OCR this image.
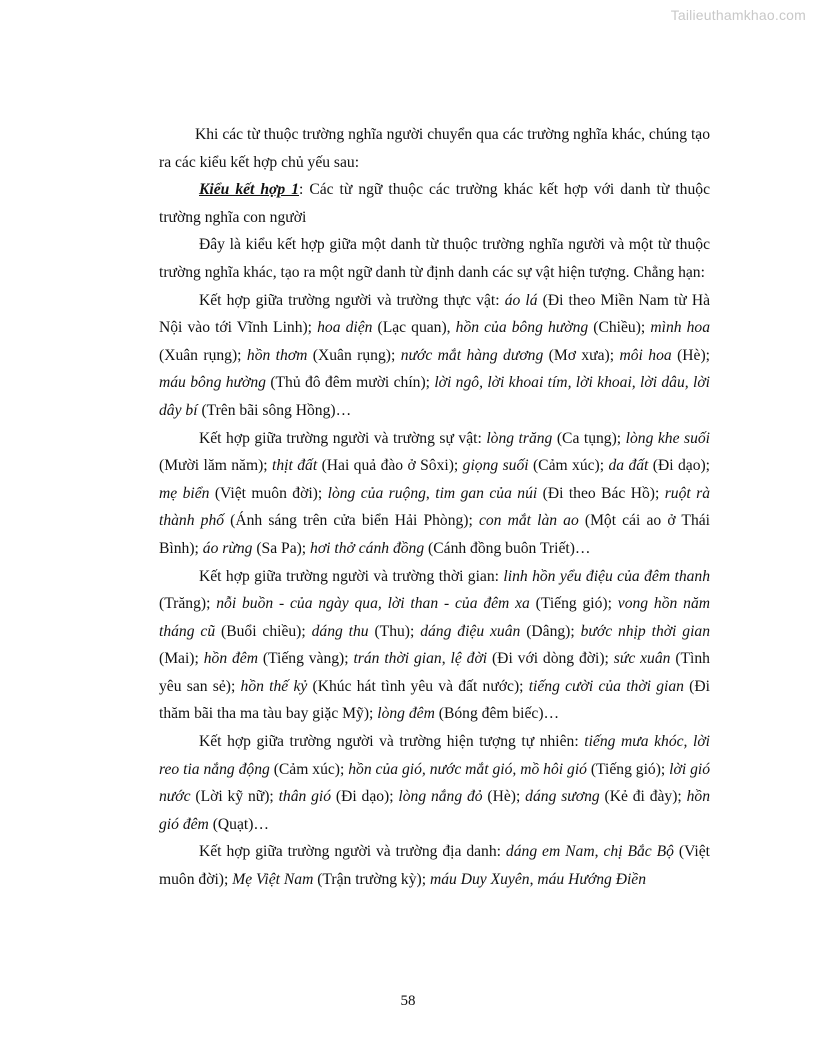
Tailieuthamkhao.com

Khi các từ thuộc trường nghĩa người chuyển qua các trường nghĩa khác, chúng tạo ra các kiểu kết hợp chủ yếu sau:

Kiểu kết hợp 1: Các từ ngữ thuộc các trường khác kết hợp với danh từ thuộc trường nghĩa con người

Đây là kiểu kết hợp giữa một danh từ thuộc trường nghĩa người và một từ thuộc trường nghĩa khác, tạo ra một ngữ danh từ định danh các sự vật hiện tượng. Chẳng hạn:

Kết hợp giữa trường người và trường thực vật: áo lá (Đi theo Miền Nam từ Hà Nội vào tới Vĩnh Linh); hoa diện (Lạc quan), hồn của bông hường (Chiều); mình hoa (Xuân rụng); hồn thơm (Xuân rụng); nước mắt hàng dương (Mơ xưa); môi hoa (Hè); máu bông hường (Thủ đô đêm mười chín); lời ngô, lời khoai tím, lời khoai, lời dâu, lời dây bí (Trên bãi sông Hồng)…

Kết hợp giữa trường người và trường sự vật: lòng trăng (Ca tụng); lòng khe suối (Mười lăm năm); thịt đất (Hai quả đào ở Sôxi); giọng suối (Cảm xúc); da đất (Đi dạo); mẹ biển (Việt muôn đời); lòng của ruộng, tim gan của núi (Đi theo Bác Hồ); ruột rà thành phố (Ánh sáng trên cửa biển Hải Phòng); con mắt làn ao (Một cái ao ở Thái Bình); áo rừng (Sa Pa); hơi thở cánh đồng (Cánh đồng buôn Triết)…

Kết hợp giữa trường người và trường thời gian: linh hồn yểu điệu của đêm thanh (Trăng); nỗi buồn - của ngày qua, lời than - của đêm xa (Tiếng gió); vong hồn năm tháng cũ (Buổi chiều); dáng thu (Thu); dáng điệu xuân (Dâng); bước nhịp thời gian (Mai); hồn đêm (Tiếng vàng); trán thời gian, lệ đời (Đi với dòng đời); sức xuân (Tình yêu san sẻ); hồn thế kỷ (Khúc hát tình yêu và đất nước); tiếng cười của thời gian (Đi thăm bãi tha ma tàu bay giặc Mỹ); lòng đêm (Bóng đêm biếc)…

Kết hợp giữa trường người và trường hiện tượng tự nhiên: tiếng mưa khóc, lời reo tia nắng động (Cảm xúc); hồn của gió, nước mắt gió, mồ hôi gió (Tiếng gió); lời gió nước (Lời kỹ nữ); thân gió (Đi dạo); lòng nắng đỏ (Hè); dáng sương (Kẻ đi đày); hồn gió đêm (Quạt)…

Kết hợp giữa trường người và trường địa danh: dáng em Nam, chị Bắc Bộ (Việt muôn đời); Mẹ Việt Nam (Trận trường kỳ); máu Duy Xuyên, máu Hướng Điền

58
